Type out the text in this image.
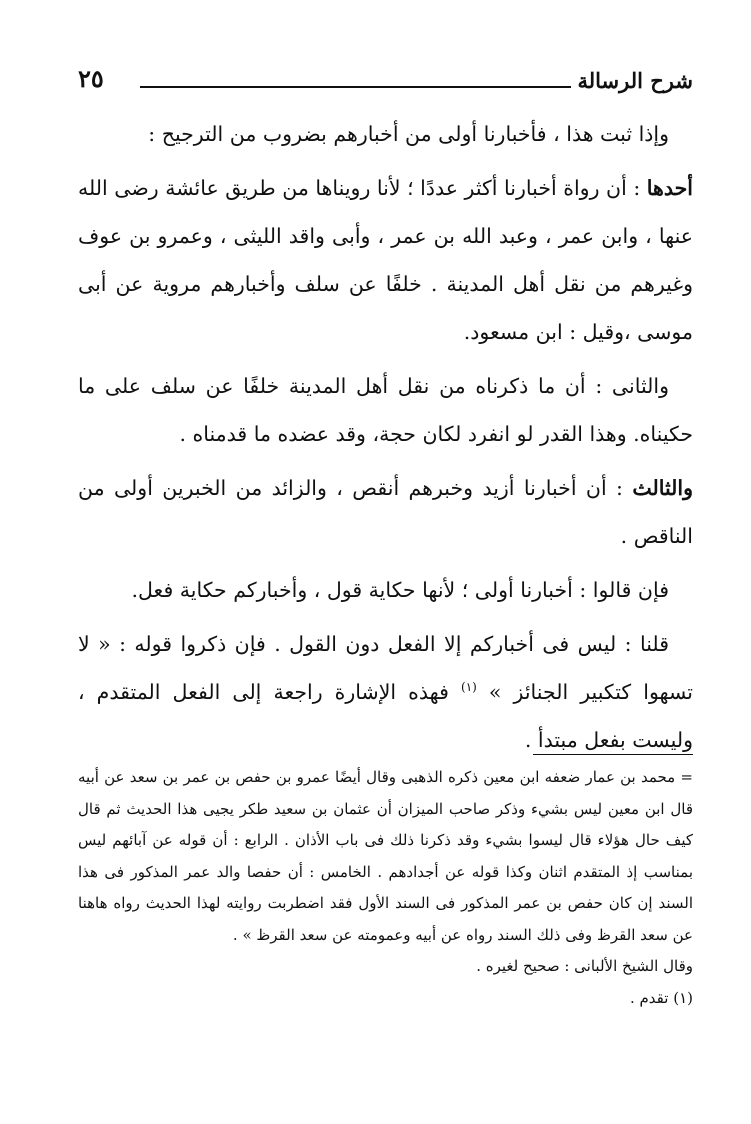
شرح الرسالة
٢٥

وإذا ثبت هذا ، فأخبارنا أولى من أخبارهم بضروب من الترجيح :

أحدها : أن رواة أخبارنا أكثر عددًا ؛ لأنا رويناها من طريق عائشة رضى الله عنها ، وابن عمر ، وعبد الله بن عمر ، وأبى واقد الليثى ، وعمرو بن عوف وغيرهم من نقل أهل المدينة . خلفًا عن سلف وأخبارهم مروية عن أبى موسى ،وقيل : ابن مسعود.

والثانى : أن ما ذكرناه من نقل أهل المدينة خلفًا عن سلف على ما حكيناه. وهذا القدر لو انفرد لكان حجة، وقد عضده ما قدمناه .

والثالث : أن أخبارنا أزيد وخبرهم أنقص ، والزائد من الخبرين أولى من الناقص .

فإن قالوا : أخبارنا أولى ؛ لأنها حكاية قول ، وأخباركم حكاية فعل.

قلنا : ليس فى أخباركم إلا الفعل دون القول . فإن ذكروا قوله : « لا تسهوا كتكبير الجنائز » $^{(١)}$ فهذه الإشارة راجعة إلى الفعل المتقدم ، وليست بفعل مبتدأ .

= محمد بن عمار ضعفه ابن معين ذكره الذهبى وقال أيضًا عمرو بن حفص بن عمر بن سعد عن أبيه قال ابن معين ليس بشيء وذكر صاحب الميزان أن عثمان بن سعيد طكر يجيى هذا الحديث ثم قال كيف حال هؤلاء قال ليسوا بشيء وقد ذكرنا ذلك فى باب الأذان . الرابع : أن قوله عن آبائهم ليس بمناسب إذ المتقدم اثنان وكذا قوله عن أجدادهم . الخامس : أن حفصا والد عمر المذكور فى هذا السند إن كان حفص بن عمر المذكور فى السند الأول فقد اضطربت روايته لهذا الحديث رواه هاهنا عن سعد القرظ وفى ذلك السند رواه عن أبيه وعمومته عن سعد القرظ » .

وقال الشيخ الألبانى : صحيح لغيره .

(١) تقدم .
